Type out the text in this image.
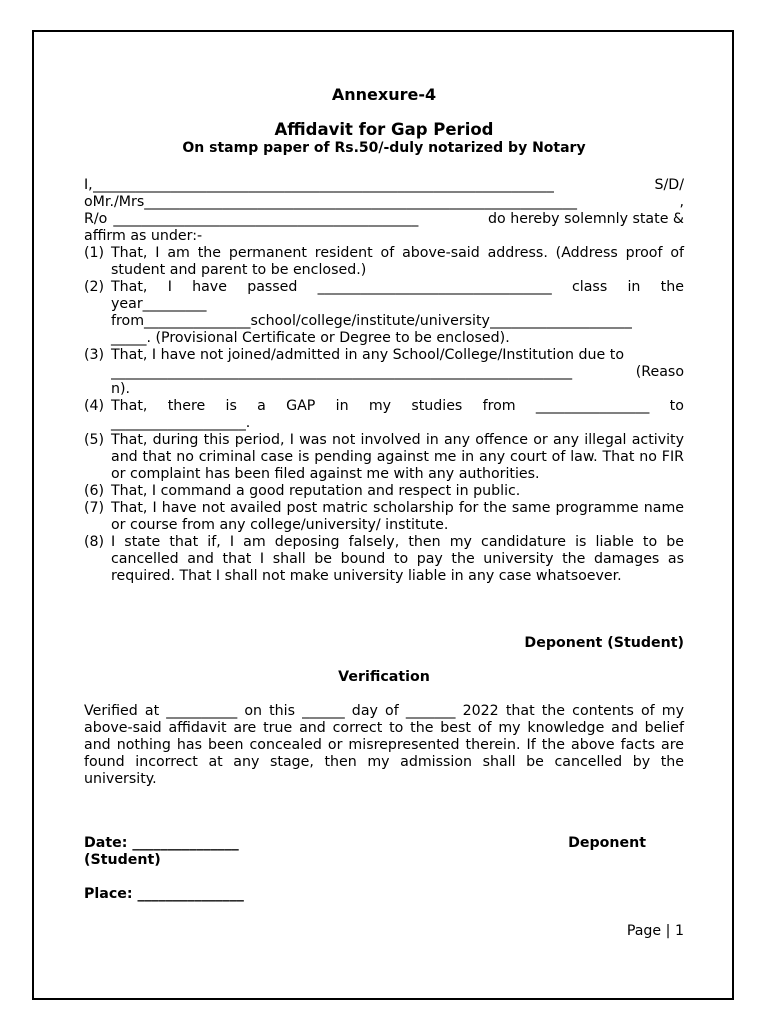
Annexure-4
Affidavit for Gap Period
On stamp paper of Rs.50/-duly notarized by Notary
I, _________________________________________________________________	S/D/
oMr./Mrs _____________________________________________________________	,
R/o ___________________________________________	do hereby solemnly state &
affirm as under:-
(1) That, I am the permanent resident of above-said address. (Address proof of student and parent to be enclosed.)
(2) That, I have passed _________________________________ class in the
year_________
from _______________ school/college/institute/university ____________________
_____. (Provisional Certificate or Degree to be enclosed).
(3) That, I have not joined/admitted in any School/College/Institution due to
_________________________________________________________________	(Reaso
n).
(4) That, there is a GAP in my studies from ________________ to
___________________.
(5) That, during this period, I was not involved in any offence or any illegal activity and that no criminal case is pending against me in any court of law. That no FIR or complaint has been filed against me with any authorities.
(6) That, I command a good reputation and respect in public.
(7) That, I have not availed post matric scholarship for the same programme name or course from any college/university/ institute.
(8) I state that if, I am deposing falsely, then my candidature is liable to be cancelled and that I shall be bound to pay the university the damages as required. That I shall not make university liable in any case whatsoever.
Deponent (Student)
Verification
Verified at __________ on this ______ day of _______ 2022 that the contents of my above-said affidavit are true and correct to the best of my knowledge and belief and nothing has been concealed or misrepresented therein. If the above facts are found incorrect at any stage, then my admission shall be cancelled by the university.
Date: _______________	Deponent
(Student)
Place: _______________
Page | 1
